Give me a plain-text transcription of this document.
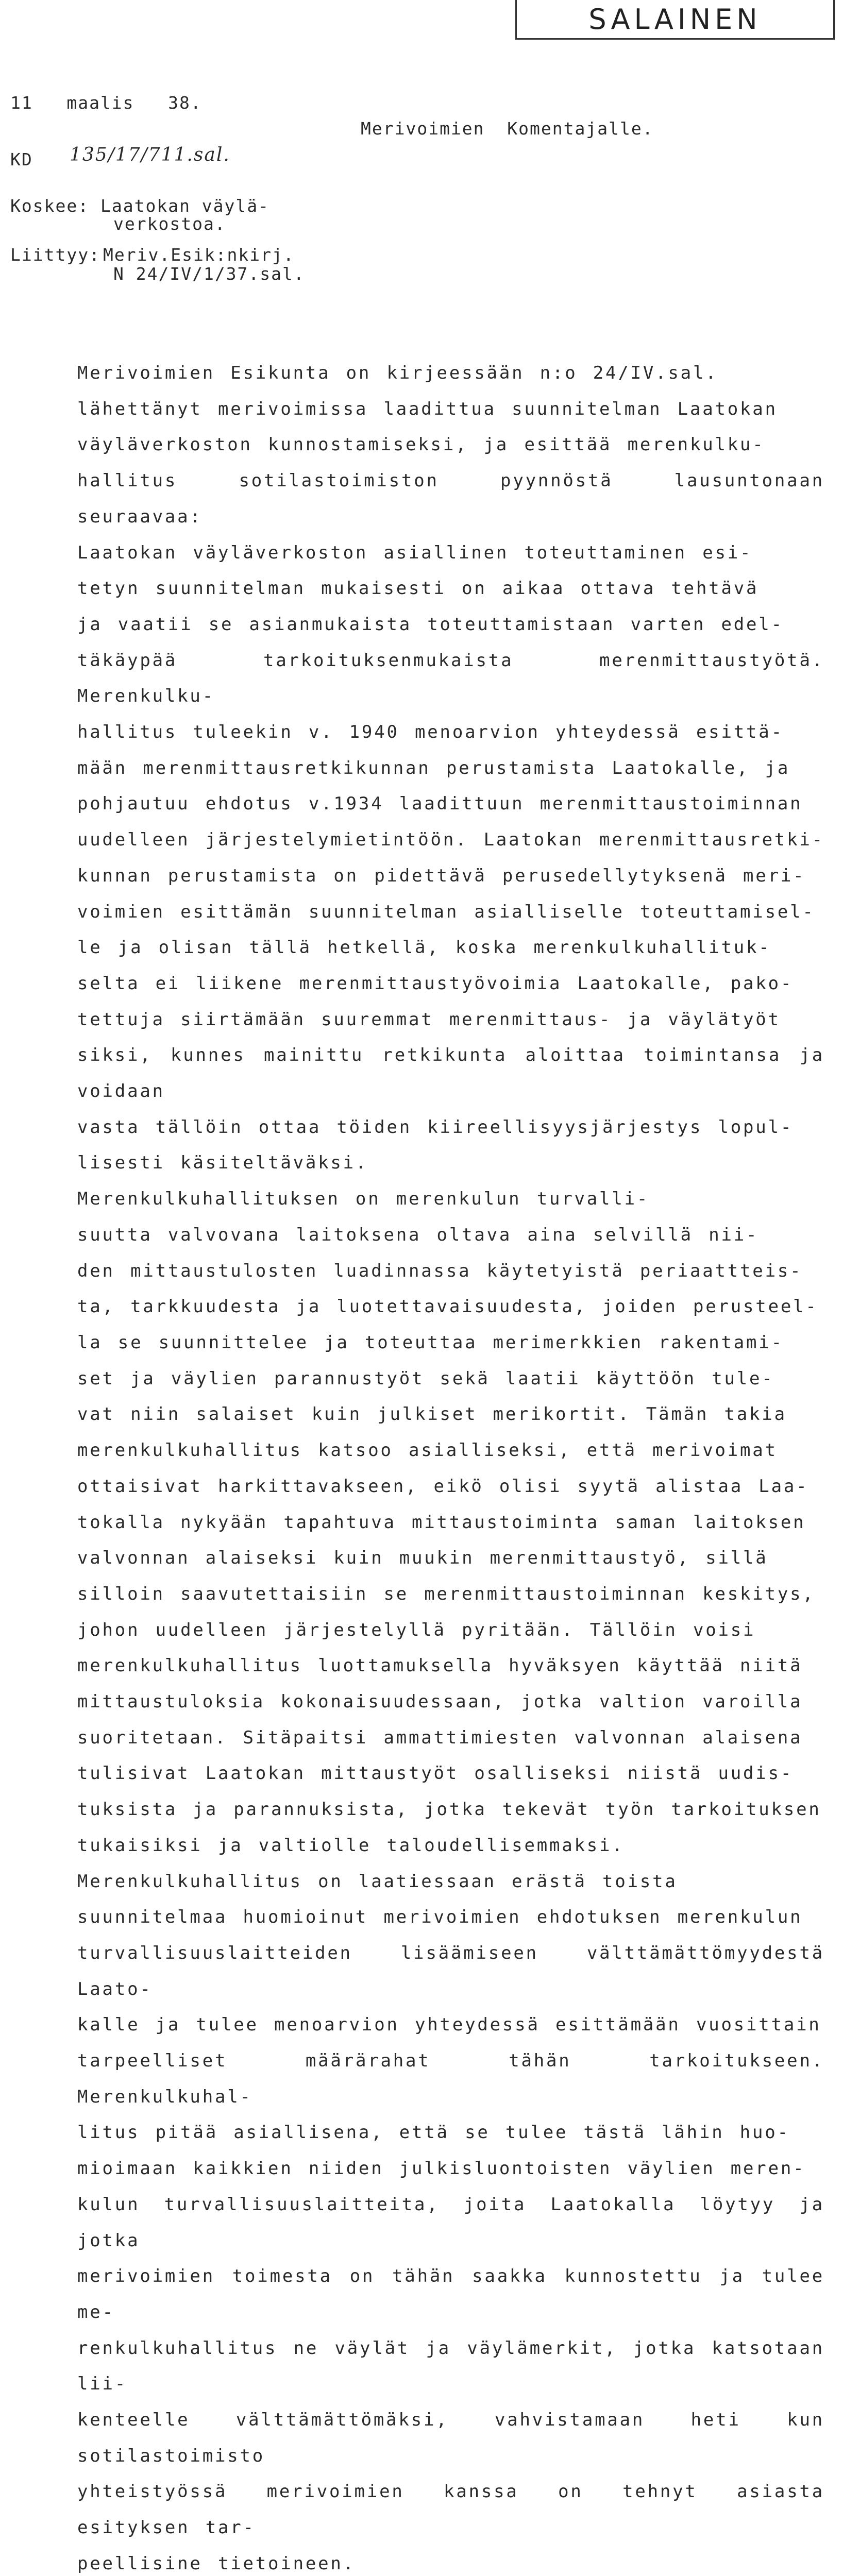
SALAINEN
11   maalis   38.
KD 135/17/711.sal.
Merivoimien  Komentajalle.
Koskee: Laatokan väylä-
verkostoa.
Liittyy: Meriv.Esik:nkirj.
N 24/IV/1/37.sal.

Merivoimien Esikunta on kirjeessään n:o 24/IV.sal.
lähettänyt merivoimissa laadittua suunnitelman Laatokan
väyläverkoston kunnostamiseksi, ja esittää merenkulku-
hallitus sotilastoimiston pyynnöstä lausuntonaan seuraavaa:
Laatokan väyläverkoston asiallinen toteuttaminen esi-
tetyn suunnitelman mukaisesti on aikaa ottava tehtävä
ja vaatii se asianmukaista toteuttamistaan varten edel-
täkäypää tarkoituksenmukaista merenmittaustyötä. Merenkulku-
hallitus tuleekin v. 1940 menoarvion yhteydessä esittä-
mään merenmittausretkikunnan perustamista Laatokalle, ja
pohjautuu ehdotus v.1934 laadittuun merenmittaustoiminnan
uudelleen järjestelymietintöön. Laatokan merenmittausretki-
kunnan perustamista on pidettävä perusedellytyksenä meri-
voimien esittämän suunnitelman asialliselle toteuttamisel-
le ja olisan tällä hetkellä, koska merenkulkuhallituk-
selta ei liikene merenmittaustyövoimia Laatokalle, pako-
tettuja siirtämään suuremmat merenmittaus- ja väylätyöt
siksi, kunnes mainittu retkikunta aloittaa toimintansa ja voidaan
vasta tällöin ottaa töiden kiireellisyysjärjestys lopul-
lisesti käsiteltäväksi.

Merenkulkuhallituksen on merenkulun turvalli-
suutta valvovana laitoksena oltava aina selvillä nii-
den mittaustulosten luadinnassa käytetyistä periaattteis-
ta, tarkkuudesta ja luotettavaisuudesta, joiden perusteel-
la se suunnittelee ja toteuttaa merimerkkien rakentami-
set ja väylien parannustyöt sekä laatii käyttöön tule-
vat niin salaiset kuin julkiset merikortit. Tämän takia
merenkulkuhallitus katsoo asialliseksi, että merivoimat
ottaisivat harkittavakseen, eikö olisi syytä alistaa Laa-
tokalla nykyään tapahtuva mittaustoiminta saman laitoksen
valvonnan alaiseksi kuin muukin merenmittaustyö, sillä
silloin saavutettaisiin se merenmittaustoiminnan keskitys,
johon uudelleen järjestelyllä pyritään. Tällöin voisi
merenkulkuhallitus luottamuksella hyväksyen käyttää niitä
mittaustuloksia kokonaisuudessaan, jotka valtion varoilla
suoritetaan. Sitäpaitsi ammattimiesten valvonnan alaisena
tulisivat Laatokan mittaustyöt osalliseksi niistä uudis-
tuksista ja parannuksista, jotka tekevät työn tarkoituksen
tukaisiksi ja valtiolle taloudellisemmaksi.

Merenkulkuhallitus on laatiessaan erästä toista
suunnitelmaa huomioinut merivoimien ehdotuksen merenkulun
turvallisuuslaitteiden lisäämiseen välttämättömyydestä Laato-
kalle ja tulee menoarvion yhteydessä esittämään vuosittain
tarpeelliset määrärahat tähän tarkoitukseen. Merenkulkuhal-
litus pitää asiallisena, että se tulee tästä lähin huo-
mioimaan kaikkien niiden julkisluontoisten väylien meren-
kulun turvallisuuslaitteita, joita Laatokalla löytyy ja jotka
merivoimien toimesta on tähän saakka kunnostettu ja tulee me-
renkulkuhallitus ne väylät ja väylämerkit, jotka katsotaan lii-
kenteelle välttämättömäksi, vahvistamaan heti kun sotilastoimisto
yhteistyössä merivoimien kanssa on tehnyt asiasta esityksen tar-
peellisine tietoineen.
